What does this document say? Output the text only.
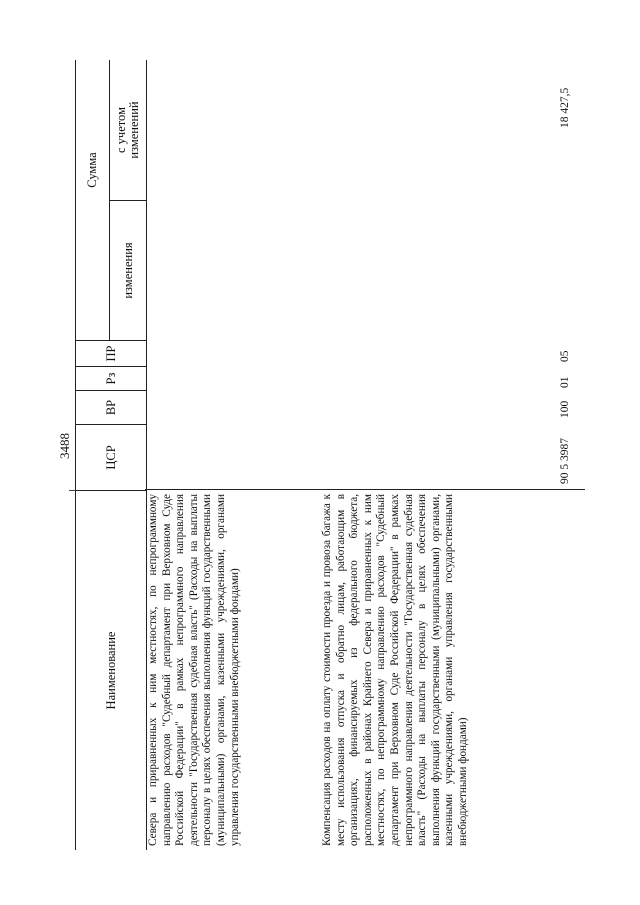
3488
Наименование
ЦСР
ВР
Рз
ПР
Сумма
изменения
с учетом изменений
Севера и приравненных к ним местностях, по непрограммному направлению расходов "Судебный департамент при Верховном Суде Российской Федерации" в рамках непрограммного направления деятельности "Государственная судебная власть" (Расходы на выплаты персоналу в целях обеспечения выполнения функций государственными (муниципальными) органами, казенными учреждениями, органами управления государственными внебюджетными фондами)	Компенсация расходов на оплату стоимости проезда и провоза багажа к месту использования отпуска и обратно лицам, работающим в организациях, финансируемых из федерального бюджета, расположенных в районах Крайнего Севера и приравненных к ним местностях, по непрограммному направлению расходов "Судебный департамент при Верховном Суде Российской Федерации" в рамках непрограммного направления деятельности "Государственная судебная власть" (Расходы на выплаты персоналу в целях обеспечения выполнения функций государственными (муниципальными) органами, казенными учреждениями, органами управления государственными внебюджетными фондами)
90 5 3987
100
01
05
18 427,5
